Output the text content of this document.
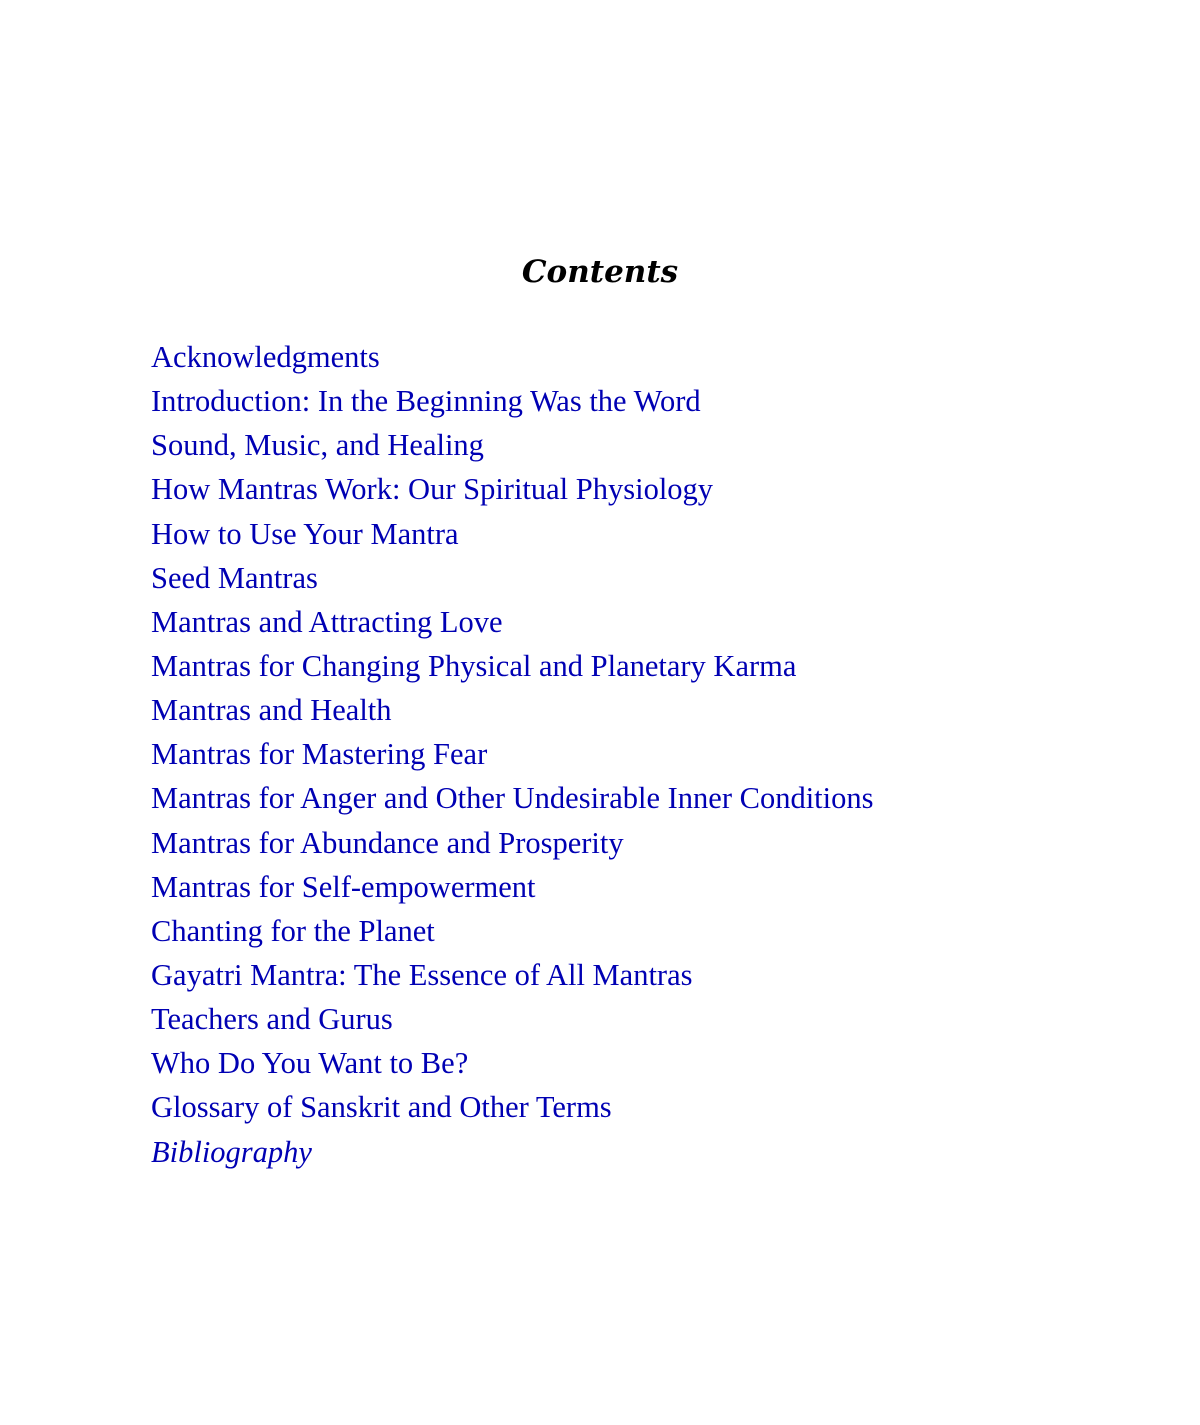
Contents
Acknowledgments
Introduction: In the Beginning Was the Word
Sound, Music, and Healing
How Mantras Work: Our Spiritual Physiology
How to Use Your Mantra
Seed Mantras
Mantras and Attracting Love
Mantras for Changing Physical and Planetary Karma
Mantras and Health
Mantras for Mastering Fear
Mantras for Anger and Other Undesirable Inner Conditions
Mantras for Abundance and Prosperity
Mantras for Self-empowerment
Chanting for the Planet
Gayatri Mantra: The Essence of All Mantras
Teachers and Gurus
Who Do You Want to Be?
Glossary of Sanskrit and Other Terms
Bibliography
